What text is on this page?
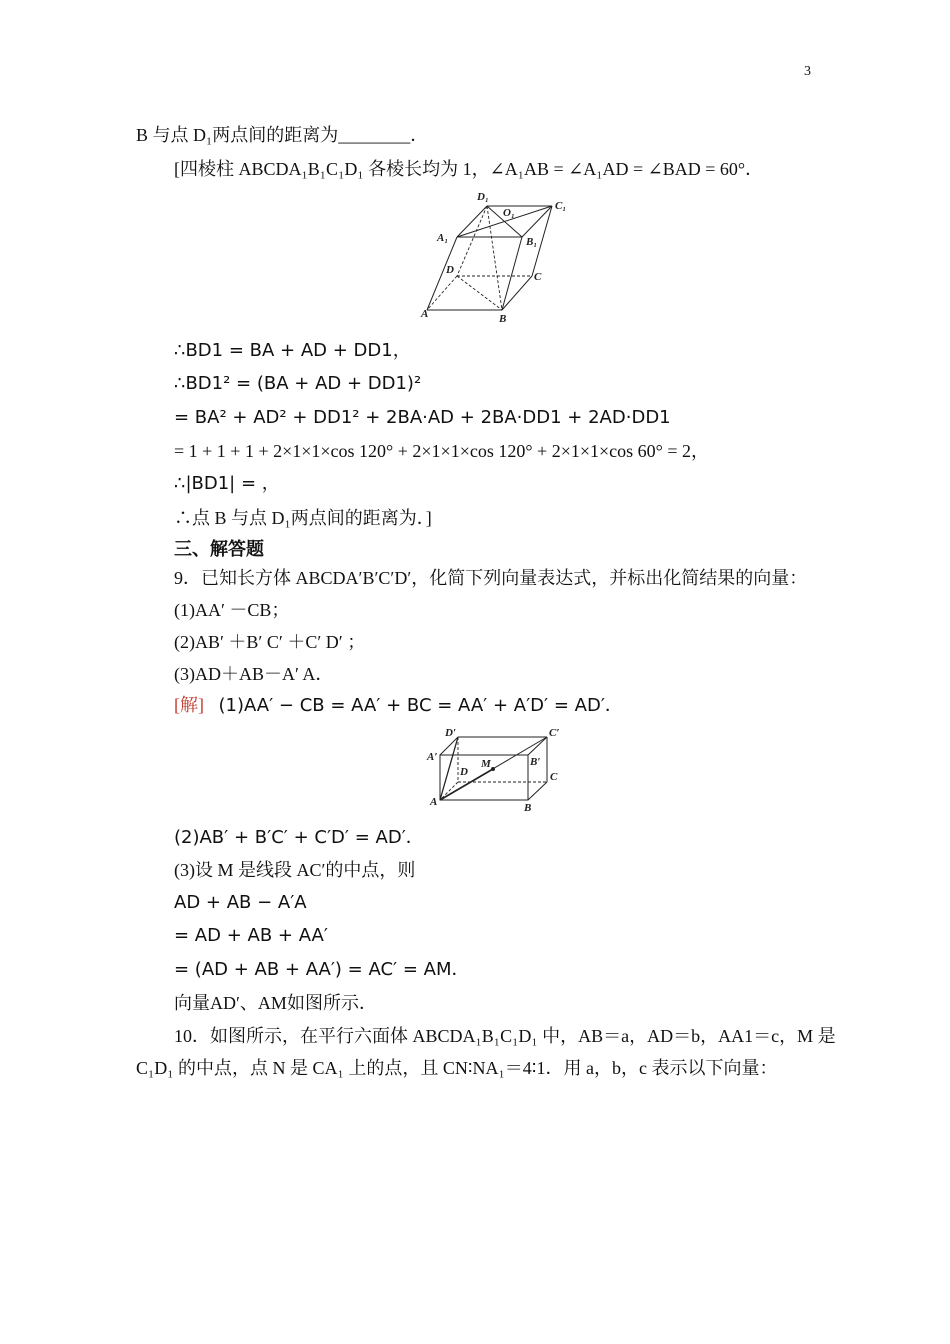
3
B 与点 D₁两点间的距离为________．
[四棱柱 ABCDA₁B₁C₁D₁ 各棱长均为 1，∠A₁AB = ∠A₁AD = ∠BAD = 60°．
D₁
O₁
C₁
A₁	B₁
D
C
A	B
∴BD1 = BA + AD + DD1，
∴BD1² = (BA + AD + DD1)²
= BA² + AD² + DD1² + 2BA·AD + 2BA·DD1 + 2AD·DD1
= 1 + 1 + 1 + 2×1×1×cos 120° + 2×1×1×cos 120° + 2×1×1×cos 60° = 2，
∴|BD1| = ，
∴点 B 与点 D₁两点间的距离为．]
三、解答题
9．已知长方体 ABCDA′B′C′D′，化简下列向量表达式，并标出化简结果的向量：
(1)AA′ －CB；
(2)AB′ ＋B′ C′ ＋C′ D′ ；
(3)AD＋AB－A′ A．
[解] (1)AA′ − CB = AA′ + BC = AA′ + A′D′ = AD′．
D′	C′
A′	B′
D
M
C
A	B
(2)AB′ + B′C′ + C′D′ = AD′．
(3)设 M 是线段 AC′的中点，则
AD + AB − A′A
= AD + AB + AA′
= (AD + AB + AA′) = AC′ = AM．
向量AD′、AM如图所示．
10．如图所示，在平行六面体 ABCDA₁B₁C₁D₁ 中，AB＝a，AD＝b，AA1＝c，M 是
C₁D₁ 的中点，点 N 是 CA₁ 上的点，且 CN∶NA₁＝4∶1．用 a，b，c 表示以下向量：
